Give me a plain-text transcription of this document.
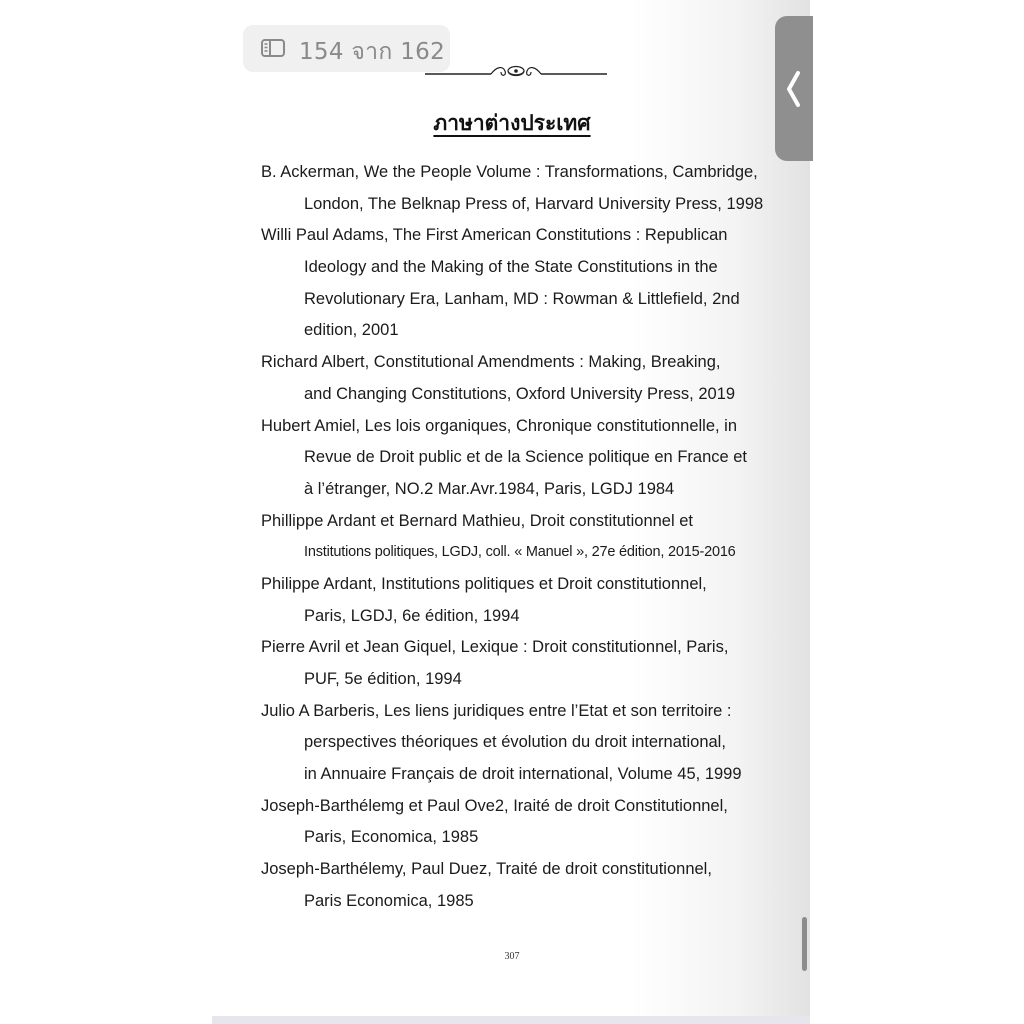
154 จาก 162
ภาษาต่างประเทศ
B. Ackerman, We the People Volume : Transformations, Cambridge,
London, The Belknap Press of, Harvard University Press, 1998
Willi Paul Adams, The First American Constitutions : Republican
Ideology and the Making of the State Constitutions in the
Revolutionary Era, Lanham, MD : Rowman & Littlefield, 2nd
edition, 2001
Richard Albert, Constitutional Amendments : Making, Breaking,
and Changing Constitutions, Oxford University Press, 2019
Hubert Amiel, Les lois organiques, Chronique constitutionnelle, in
Revue de Droit public et de la Science politique en France et
à l’étranger, NO.2 Mar.Avr.1984, Paris, LGDJ 1984
Phillippe Ardant et Bernard Mathieu, Droit constitutionnel et
Institutions politiques, LGDJ, coll. « Manuel », 27e édition, 2015-2016
Philippe Ardant, Institutions politiques et Droit constitutionnel,
Paris, LGDJ, 6e édition, 1994
Pierre Avril et Jean Giquel, Lexique : Droit constitutionnel, Paris,
PUF, 5e édition, 1994
Julio A Barberis, Les liens juridiques entre l’Etat et son territoire :
perspectives théoriques et évolution du droit international,
in Annuaire Français de droit international, Volume 45, 1999
Joseph-Barthélemg et Paul Ove2, Iraité de droit Constitutionnel,
Paris, Economica, 1985
Joseph-Barthélemy, Paul Duez, Traité de droit constitutionnel,
Paris Economica, 1985
307
